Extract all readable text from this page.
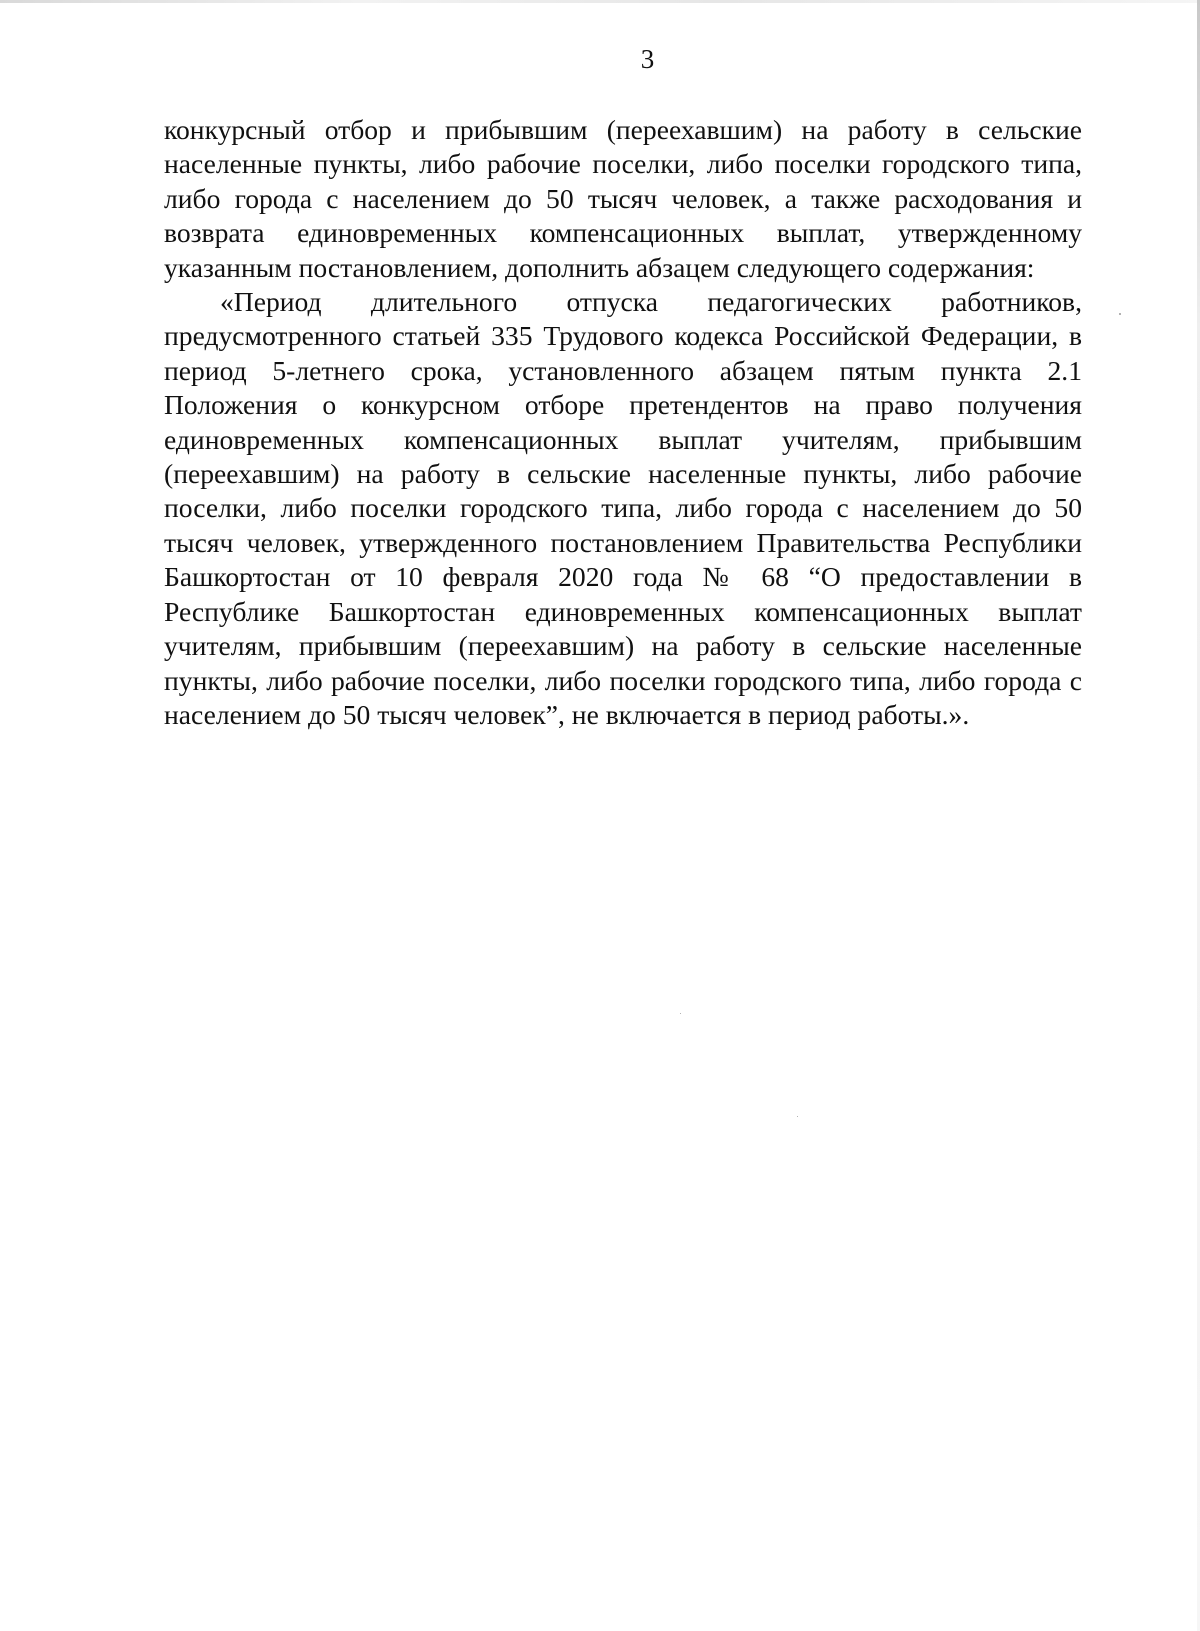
3

конкурсный отбор и прибывшим (переехавшим) на работу в сельские населенные пункты, либо рабочие поселки, либо поселки городского типа, либо города с населением до 50 тысяч человек, а также расходования и возврата единовременных компенсационных выплат, утвержденному указанным постановлением, дополнить абзацем следующего содержания:

«Период длительного отпуска педагогических работников, предусмотренного статьей 335 Трудового кодекса Российской Федерации, в период 5-летнего срока, установленного абзацем пятым пункта 2.1 Положения о конкурсном отборе претендентов на право получения единовременных компенсационных выплат учителям, прибывшим (переехавшим) на работу в сельские населенные пункты, либо рабочие поселки, либо поселки городского типа, либо города с населением до 50 тысяч человек, утвержденного постановлением Правительства Республики Башкортостан от 10 февраля 2020 года № 68 “О предоставлении в Республике Башкортостан единовременных компенсационных выплат учителям, прибывшим (переехавшим) на работу в сельские населенные пункты, либо рабочие поселки, либо поселки городского типа, либо города с населением до 50 тысяч человек”, не включается в период работы.».
